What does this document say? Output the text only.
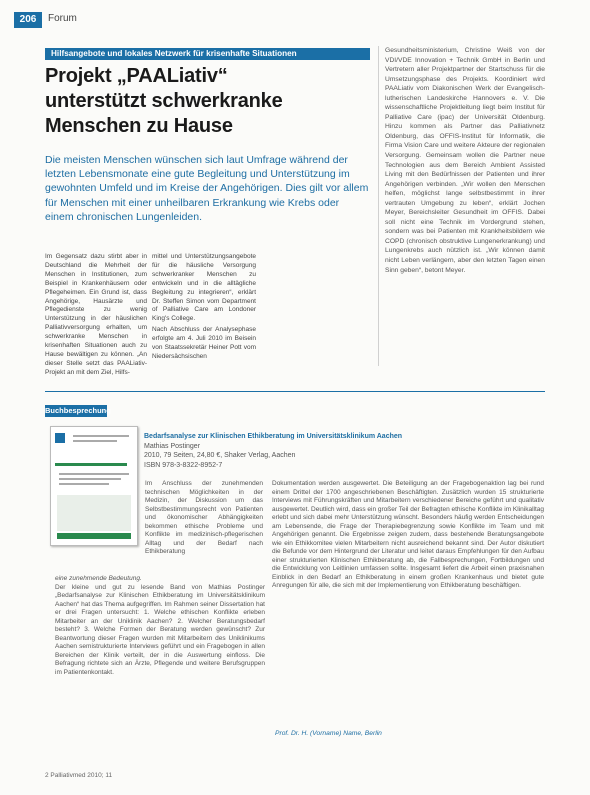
206	Forum
Hilfsangebote und lokales Netzwerk für krisenhafte Situationen
Projekt „PAALiativ“
unterstützt schwerkranke
Menschen zu Hause
Die meisten Menschen wünschen sich laut Umfrage während der letzten Lebensmonate eine gute Begleitung und Unterstützung im gewohnten Umfeld und im Kreise der Angehörigen. Dies gilt vor allem für Menschen mit einer unheilbaren Erkrankung wie Krebs oder einem chronischen Lungenleiden.

Im Gegensatz dazu stirbt aber in Deutschland die Mehrheit der Menschen in Institutionen, zum Beispiel in Krankenhäusern oder Pflegeheimen. Ein Grund ist, dass Angehörige, Hausärzte und Pflegedienste zu wenig Unterstützung in der häuslichen Palliativversorgung erhalten, um schwerkranke Menschen in krisenhaften Situationen auch zu Hause bewältigen zu können. „An dieser Stelle setzt das PAALiativ-Projekt an mit dem Ziel, Hilfs-

mittel und Unterstützungsangebote für die häusliche Versorgung schwerkranker Menschen zu entwickeln und in die alltägliche Begleitung zu integrieren“, erklärt Dr. Steffen Simon vom Department of Palliative Care am Londoner King's College.

Nach Abschluss der Analysephase erfolgte am 4. Juli 2010 im Beisein von Staatssekretär Heiner Pott vom Niedersächsischen

Gesundheitsministerium, Christine Weiß von der VDI/VDE Innovation + Technik GmbH in Berlin und Vertretern aller Projektpartner der Startschuss für die Umsetzungsphase des Projekts. Koordiniert wird PAALiativ vom Diakonischen Werk der Evangelisch-lutherischen Landeskirche Hannovers e. V. Die wissenschaftliche Projektleitung liegt beim Institut für Palliative Care (ipac) der Universität Oldenburg. Hinzu kommen als Partner das Palliativnetz Oldenburg, das OFFIS-Institut für Informatik, die Firma Vision Care und weitere Akteure der regionalen Versorgung. Gemeinsam wollen die Partner neue Technologien aus dem Bereich Ambient Assisted Living mit den Bedürfnissen der Patienten und ihrer Angehörigen verbinden. „Wir wollen den Menschen helfen, möglichst lange selbstbestimmt in ihrer vertrauten Umgebung zu leben“, erklärt Jochen Meyer, Bereichsleiter Gesundheit im OFFIS. Dabei soll nicht eine Technik im Vordergrund stehen, sondern was bei Patienten mit Krankheitsbildern wie COPD (chronisch obstruktive Lungenerkrankung) und Lungenkrebs auch nützlich ist. „Wir können damit nicht Leben verlängern, aber den letzten Tagen einen Sinn geben“, betont Meyer.

Buchbesprechung
Bedarfsanalyse zur Klinischen Ethikberatung im Universitätsklinikum Aachen
Mathias Postinger
2010, 79 Seiten, 24,80 €, Shaker Verlag, Aachen
ISBN 978-3-8322-8952-7

Im Anschluss der zunehmenden technischen Möglichkeiten in der Medizin, der Diskussion um das Selbstbestimmungsrecht von Patienten und ökonomischer Abhängigkeiten bekommen ethische Probleme und Konflikte im medizinisch-pflegerischen Alltag und der Bedarf nach Ethikberatung

eine zunehmende Bedeutung.

Der kleine und gut zu lesende Band von Mathias Postinger „Bedarfsanalyse zur Klinischen Ethikberatung im Universitätsklinikum Aachen“ hat das Thema aufgegriffen. Im Rahmen seiner Dissertation hat er drei Fragen untersucht: 1. Welche ethischen Konflikte erleben Mitarbeiter an der Uniklinik Aachen? 2. Welcher Beratungsbedarf besteht? 3. Welche Formen der Beratung werden gewünscht? Zur Beantwortung dieser Fragen wurden mit Mitarbeitern des Uniklinikums Aachen semistrukturierte Interviews geführt und ein Fragebogen in allen Bereichen der Klinik verteilt, der in die Auswertung einfloss. Die Befragung richtete sich an Ärzte, Pflegende und weitere Berufsgruppen im Patientenkontakt.

Dokumentation werden ausgewertet. Die Beteiligung an der Fragebogenaktion lag bei rund einem Drittel der 1700 angeschriebenen Beschäftigten. Zusätzlich wurden 15 strukturierte Interviews mit Führungskräften und Mitarbeitern verschiedener Bereiche geführt und qualitativ ausgewertet. Deutlich wird, dass ein großer Teil der Befragten ethische Konflikte im Klinikalltag erlebt und sich dabei mehr Unterstützung wünscht. Besonders häufig werden Entscheidungen am Lebensende, die Frage der Therapiebegrenzung sowie Konflikte im Team und mit Angehörigen genannt. Die Ergebnisse zeigen zudem, dass bestehende Beratungsangebote wie ein Ethikkomitee vielen Mitarbeitern nicht ausreichend bekannt sind. Der Autor diskutiert die Befunde vor dem Hintergrund der Literatur und leitet daraus Empfehlungen für den Aufbau einer strukturierten Klinischen Ethikberatung ab, die Fallbesprechungen, Fortbildungen und die Entwicklung von Leitlinien umfassen sollte. Insgesamt liefert die Arbeit einen praxisnahen Einblick in den Bedarf an Ethikberatung in einem großen Krankenhaus und bietet gute Anregungen für alle, die sich mit der Implementierung von Ethikberatung beschäftigen.

Prof. Dr. H. (Vorname) Name, Berlin
2 Palliativmed 2010; 11
